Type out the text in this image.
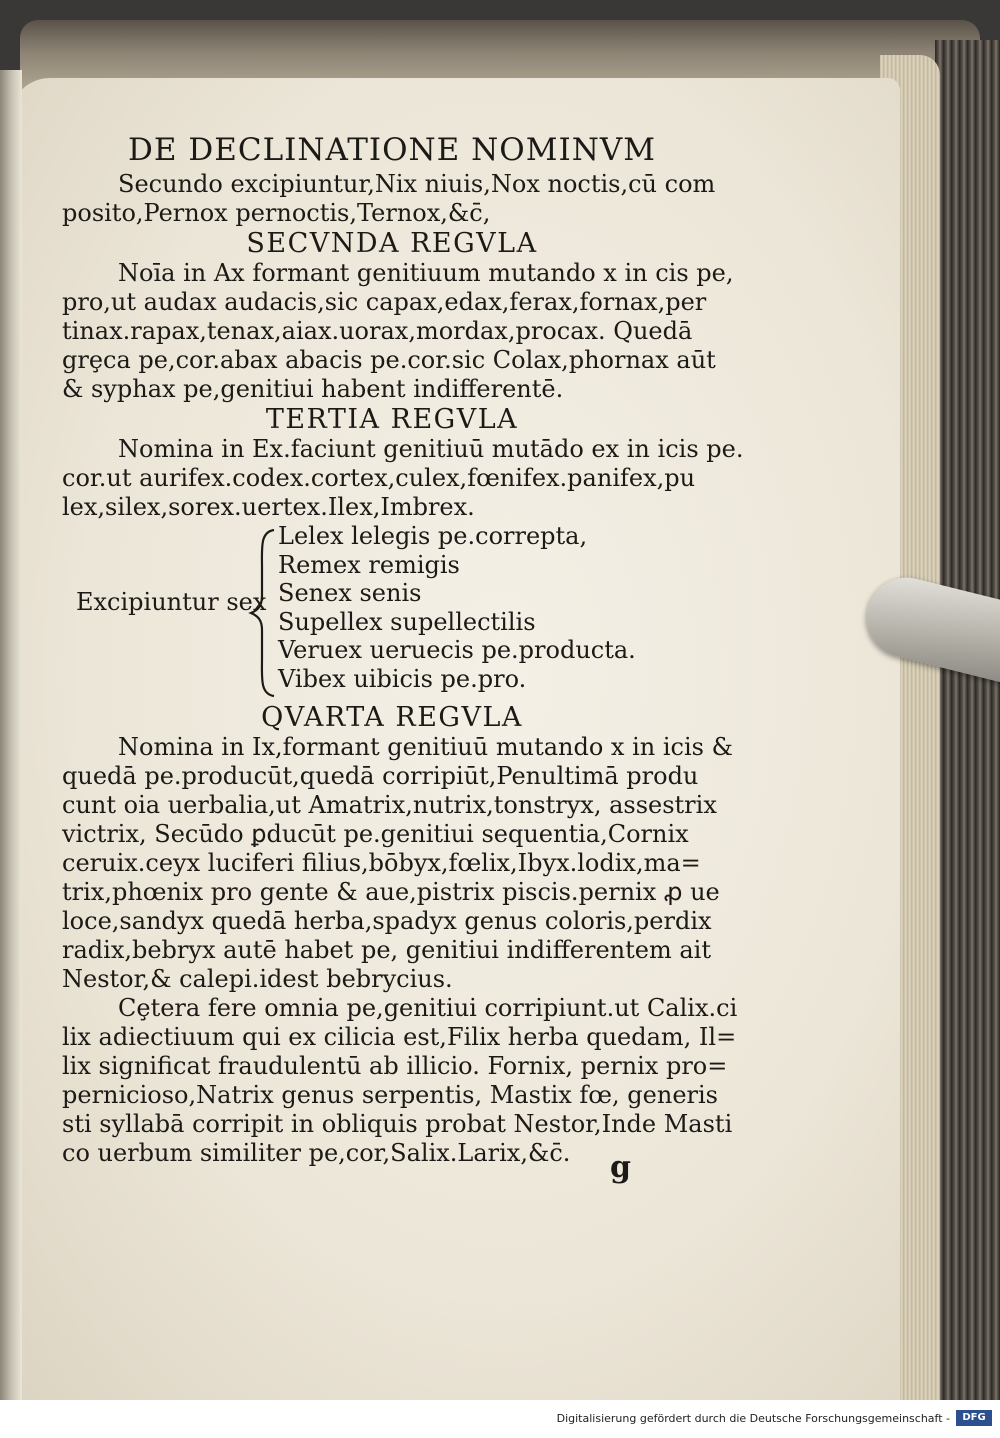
DE DECLINATIONE NOMINVM

Secundo excipiuntur,Nix niuis,Nox noctis,cū com

posito,Pernox pernoctis,Ternox,&c̄,

SECVNDA REGVLA

Noīa in Ax formant genitiuum mutando x in cis pe,

pro,ut audax audacis,sic capax,edax,ferax,fornax,per

tinax.rapax,tenax,aiax.uorax,mordax,procax. Quedā

grȩca pe,cor.abax abacis pe.cor.sic Colax,phornax aūt

& syphax pe,genitiui habent indifferentē.

TERTIA REGVLA

Nomina in Ex.faciunt genitiuū mutādo ex in icis pe.

cor.ut aurifex.codex.cortex,culex,fœnifex.panifex,pu

lex,silex,sorex.uertex.Ilex,Imbrex.

Excipiuntur sex
Lelex lelegis pe.correpta,
Remex remigis
Senex senis
Supellex supellectilis
Veruex ueruecis pe.producta.
Vibex uibicis pe.pro.

QVARTA REGVLA

Nomina in Ix,formant genitiuū mutando x in icis &

quedā pe.producūt,quedā corripiūt,Penultimā produ

cunt oia uerbalia,ut Amatrix,nutrix,tonstryx, assestrix

victrix, Secūdo ꝑducūt pe.genitiui sequentia,Cornix

ceruix.ceyx luciferi filius,bōbyx,fœlix,Ibyx.lodix,ma=

trix,phœnix pro gente & aue,pistrix piscis.pernix ꝓ ue

loce,sandyx quedā herba,spadyx genus coloris,perdix

radix,bebryx autē habet pe, genitiui indifferentem ait

Nestor,& calepi.idest bebrycius.

Cȩtera fere omnia pe,genitiui corripiunt.ut Calix.ci

lix adiectiuum qui ex cilicia est,Filix herba quedam, Il=

lix significat fraudulentū ab illicio. Fornix, pernix pro=

pernicioso,Natrix genus serpentis, Mastix fœ, generis

sti syllabā corripit in obliquis probat Nestor,Inde Masti

co uerbum similiter pe,cor,Salix.Larix,&c̄.	g
Digitalisierung gefördert durch die Deutsche Forschungsgemeinschaft -	DFG
